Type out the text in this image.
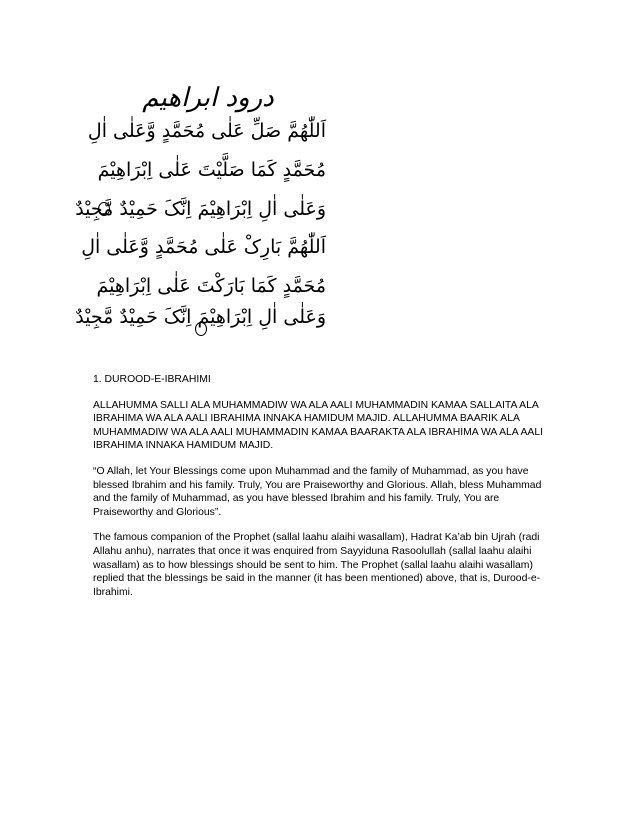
درود ابراھیم
اَللّٰھُمَّ صَلِّ عَلٰی مُحَمَّدٍ وَّعَلٰی اٰلِ
مُحَمَّدٍ کَمَا صَلَّیْتَ عَلٰی اِبْرَاھِیْمَ
وَعَلٰی اٰلِ اِبْرَاھِیْمَ اِنَّکَ حَمِیْدٌ مَّجِیْدٌ
اَللّٰھُمَّ بَارِکْ عَلٰی مُحَمَّدٍ وَّعَلٰی اٰلِ
مُحَمَّدٍ کَمَا بَارَکْتَ عَلٰی اِبْرَاھِیْمَ
وَعَلٰی اٰلِ اِبْرَاھِیْمَ اِنَّکَ حَمِیْدٌ مَّجِیْدٌ

1. DUROOD-E-IBRAHIMI

ALLAHUMMA SALLI ALA MUHAMMADIW WA ALA AALI MUHAMMADIN KAMAA SALLAITA ALA IBRAHIMA WA ALA AALI IBRAHIMA INNAKA HAMIDUM MAJID. ALLAHUMMA BAARIK ALA MUHAMMADIW WA ALA AALI MUHAMMADIN KAMAA BAARAKTA ALA IBRAHIMA WA ALA AALI IBRAHIMA INNAKA HAMIDUM MAJID.

“O Allah, let Your Blessings come upon Muhammad and the family of Muhammad, as you have blessed Ibrahim and his family. Truly, You are Praiseworthy and Glorious. Allah, bless Muhammad and the family of Muhammad, as you have blessed Ibrahim and his family. Truly, You are Praiseworthy and Glorious”.

The famous companion of the Prophet (sallal laahu alaihi wasallam), Hadrat Ka’ab bin Ujrah (radi Allahu anhu), narrates that once it was enquired from Sayyiduna Rasoolullah (sallal laahu alaihi wasallam) as to how blessings should be sent to him. The Prophet (sallal laahu alaihi wasallam) replied that the blessings be said in the manner (it has been mentioned) above, that is, Durood-e-Ibrahimi.
